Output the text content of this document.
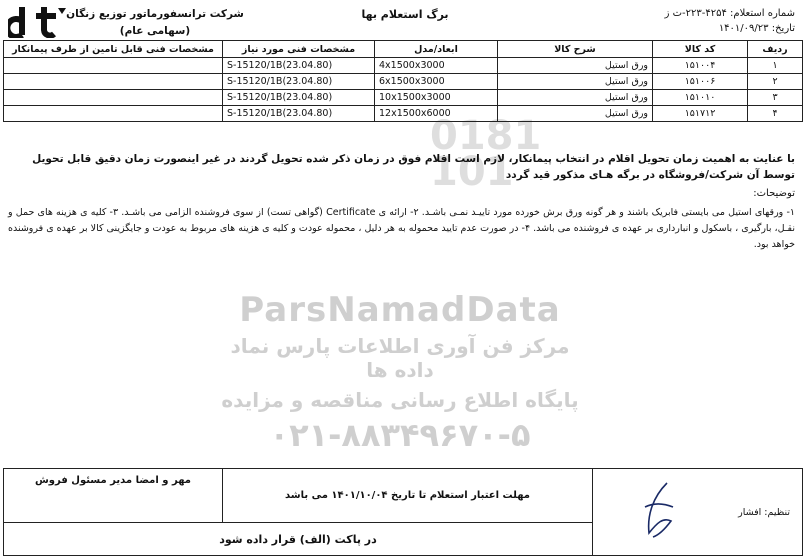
شرکت ترانسفورماتور توزیع زنگان
(سهامی عام)
برگ استعلام بها	شماره استعلام: ۴۲۵۴-۲۲۳-ت ز
تاریخ: ۱۴۰۱/۰۹/۲۳
0181
101
ردیف	کد کالا	شرح کالا	ابعاد/مدل	مشخصات فنی مورد نیاز	مشخصات فنی قابل تامین از طرف پیمانکار
۱	۱۵۱۰۰۴	ورق استیل	4x1500x3000	S-15120/1B(23.04.80)	
۲	۱۵۱۰۰۶	ورق استیل	6x1500x3000	S-15120/1B(23.04.80)	
۳	۱۵۱۰۱۰	ورق استیل	10x1500x3000	S-15120/1B(23.04.80)	
۴	۱۵۱۷۱۲	ورق استیل	12x1500x6000	S-15120/1B(23.04.80)	
با عنایت به اهمیت زمان تحویل اقلام در انتخاب پیمانکار، لازم است اقلام فوق در زمان ذکر شده تحویل گردند در غیر اینصورت زمان دقیق قابل تحویل توسط آن شرکت/فروشگاه در برگه هـای مذکور قید گردد
توضیحات:
۱- ورقهای استیل می بایستی فابریک باشند و هر گونه ورق برش خورده مورد تاییـد نمـی باشـد. ۲- ارائه ی Certificate (گواهی تست) از سوی فروشنده الزامی می باشـد. ۳- کلیه ی هزینه های حمل و نقـل، بارگیری ، باسکول و انبارداری بر عهده ی فروشنده می باشد. ۴- در صورت عدم تایید محموله به هر دلیل ، محموله عودت و کلیه ی هزینه های مربوط به عودت و جایگزینی کالا بر عهده ی فروشنده خواهد بود.
ParsNamadData
مرکز فن آوری اطلاعات پارس نماد داده ها
پایگاه اطلاع رسانی مناقصه و مزایده
۰۲۱-۸۸۳۴۹۶۷۰-۵
تنظیم: افشار
	مهلت اعتبار استعلام تا تاریخ ۱۴۰۱/۱۰/۰۴ می باشد	مهر و امضا مدیر مسئول فروش
در پاکت (الف) قرار داده شود
